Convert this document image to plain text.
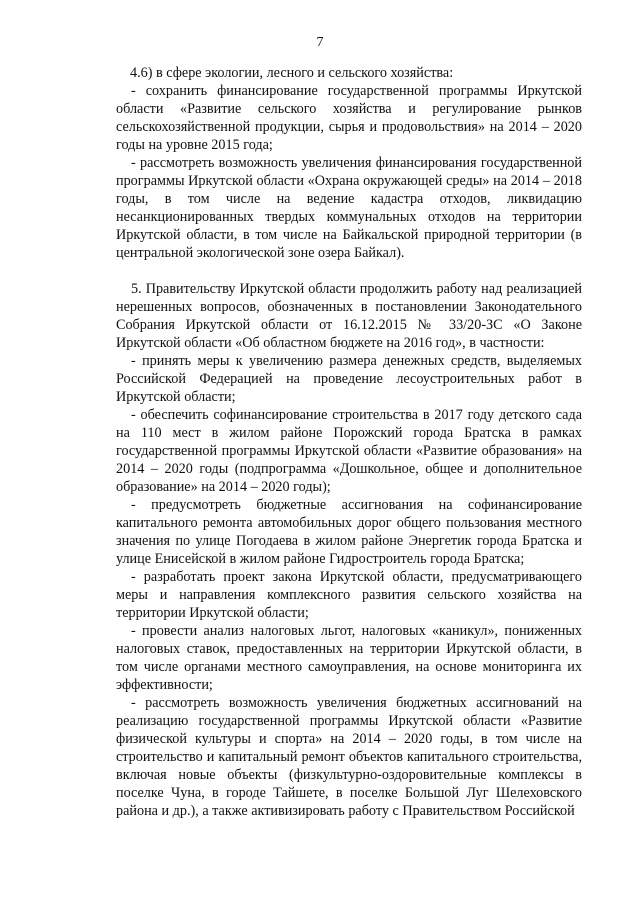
7

4.6) в сфере экологии, лесного и сельского хозяйства:

- сохранить финансирование государственной программы Иркутской области «Развитие сельского хозяйства и регулирование рынков сельскохозяйственной продукции, сырья и продовольствия» на 2014 – 2020 годы на уровне 2015 года;

- рассмотреть возможность увеличения финансирования государственной программы Иркутской области «Охрана окружающей среды» на 2014 – 2018 годы, в том числе на ведение кадастра отходов, ликвидацию несанкционированных твердых коммунальных отходов на территории Иркутской области, в том числе на Байкальской природной территории (в центральной экологической зоне озера Байкал).

5. Правительству Иркутской области продолжить работу над реализацией нерешенных вопросов, обозначенных в постановлении Законодательного Собрания Иркутской области от 16.12.2015 № 33/20-ЗС «О Законе Иркутской области «Об областном бюджете на 2016 год», в частности:

- принять меры к увеличению размера денежных средств, выделяемых Российской Федерацией на проведение лесоустроительных работ в Иркутской области;

- обеспечить софинансирование строительства в 2017 году детского сада на 110 мест в жилом районе Порожский города Братска в рамках государственной программы Иркутской области «Развитие образования» на 2014 – 2020 годы (подпрограмма «Дошкольное, общее и дополнительное образование» на 2014 – 2020 годы);

- предусмотреть бюджетные ассигнования на софинансирование капитального ремонта автомобильных дорог общего пользования местного значения по улице Погодаева в жилом районе Энергетик города Братска и улице Енисейской в жилом районе Гидростроитель города Братска;

- разработать проект закона Иркутской области, предусматривающего меры и направления комплексного развития сельского хозяйства на территории Иркутской области;

- провести анализ налоговых льгот, налоговых «каникул», пониженных налоговых ставок, предоставленных на территории Иркутской области, в том числе органами местного самоуправления, на основе мониторинга их эффективности;

- рассмотреть возможность увеличения бюджетных ассигнований на реализацию государственной программы Иркутской области «Развитие физической культуры и спорта» на 2014 – 2020 годы, в том числе на строительство и капитальный ремонт объектов капитального строительства, включая новые объекты (физкультурно-оздоровительные комплексы в поселке Чуна, в городе Тайшете, в поселке Большой Луг Шелеховского района и др.), а также активизировать работу с Правительством Российской
